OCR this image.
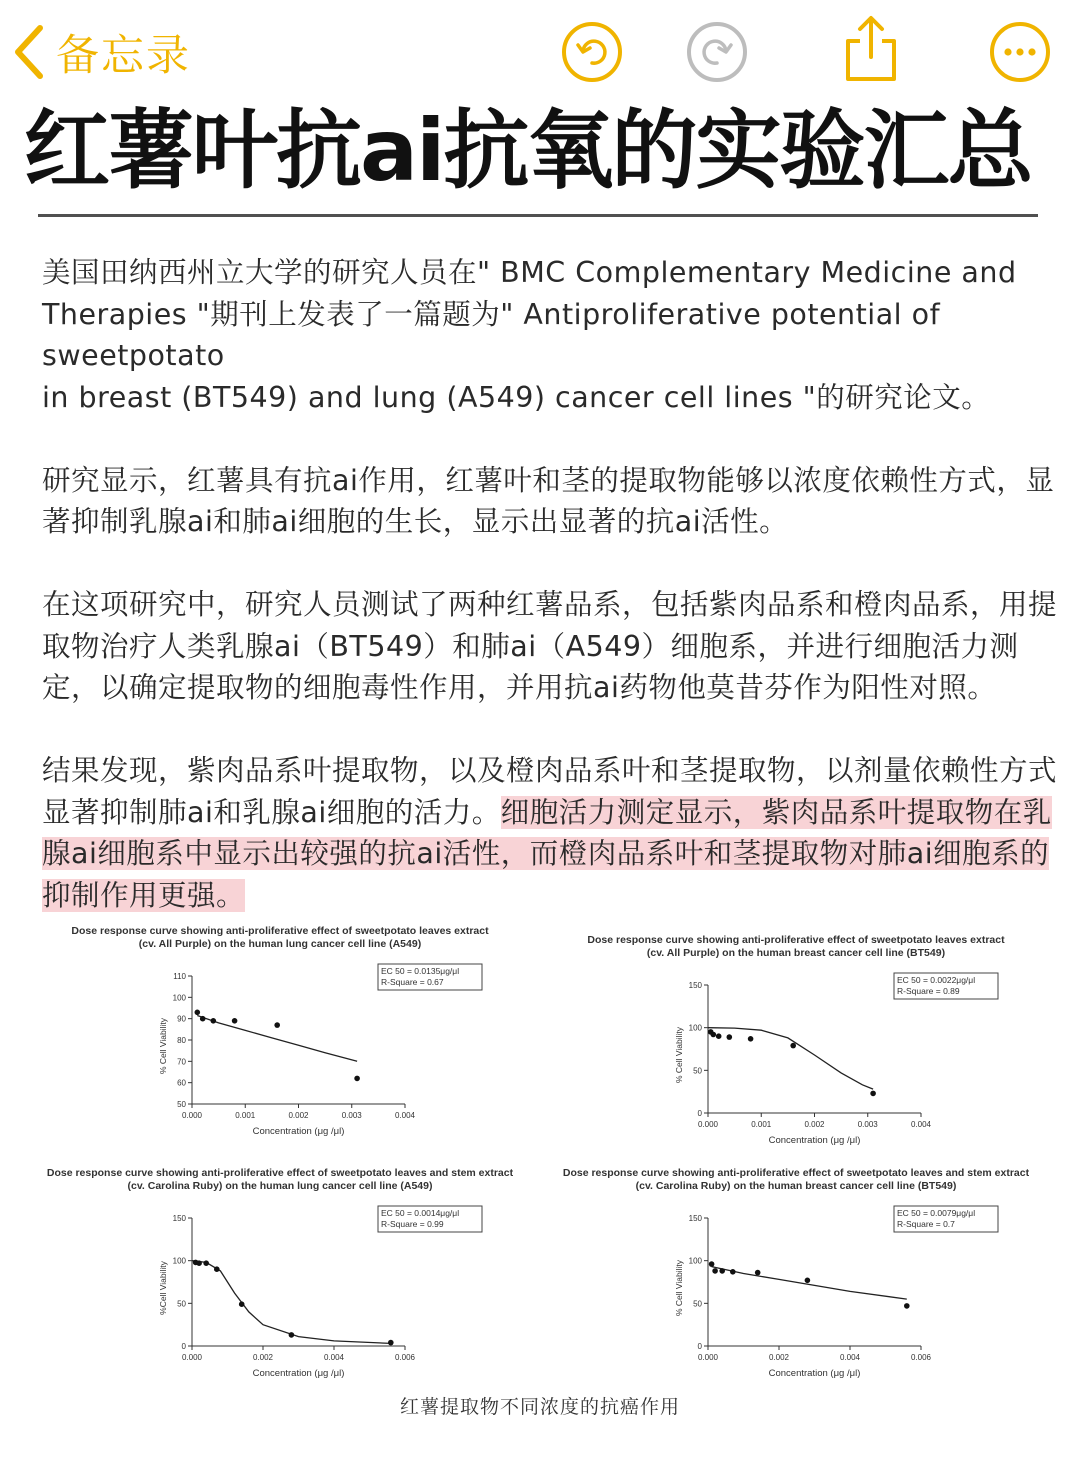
备忘录
红薯叶抗ai抗氧的实验汇总

美国田纳西州立大学的研究人员在" BMC Complementary Medicine and
Therapies "期刊上发表了一篇题为" Antiproliferative potential of sweetpotato
in breast (BT549) and lung (A549) cancer cell lines "的研究论文。

研究显示，红薯具有抗ai作用，红薯叶和茎的提取物能够以浓度依赖性方式，显著抑制乳腺ai和肺ai细胞的生长，显示出显著的抗ai活性。

在这项研究中，研究人员测试了两种红薯品系，包括紫肉品系和橙肉品系，用提取物治疗人类乳腺ai（BT549）和肺ai（A549）细胞系，并进行细胞活力测定，以确定提取物的细胞毒性作用，并用抗ai药物他莫昔芬作为阳性对照。

结果发现，紫肉品系叶提取物，以及橙肉品系叶和茎提取物，以剂量依赖性方式显著抑制肺ai和乳腺ai细胞的活力。细胞活力测定显示，紫肉品系叶提取物在乳腺ai细胞系中显示出较强的抗ai活性，而橙肉品系叶和茎提取物对肺ai细胞系的抑制作用更强。

Dose response curve showing anti-proliferative effect of sweetpotato leaves extract
(cv. All Purple) on the human lung cancer cell line (A549)
50
60
70
80
90
100
110
0.000	0.001	0.002	0.003	0.004
Concentration (μg /μl)
% Cell Viability
EC 50 = 0.0135μg/μl
R-Square = 0.67
Dose response curve showing anti-proliferative effect of sweetpotato leaves extract
(cv. All Purple) on the human breast cancer cell line (BT549)
0
50
100
150
0.000	0.001	0.002	0.003	0.004
Concentration (μg /μl)
% Cell Viability
EC 50 = 0.0022μg/μl
R-Square = 0.89
Dose response curve showing anti-proliferative effect of sweetpotato leaves and stem extract
(cv. Carolina Ruby) on the human lung cancer cell line (A549)
0
50
100
150
0.000	0.002	0.004	0.006
Concentration (μg /μl)
%Cell Viability
EC 50 = 0.0014μg/μl
R-Square = 0.99
Dose response curve showing anti-proliferative effect of sweetpotato leaves and stem extract
(cv. Carolina Ruby) on the human breast cancer cell line (BT549)
0
50
100
150
0.000	0.002	0.004	0.006
Concentration (μg /μl)
% Cell Viability
EC 50 = 0.0079μg/μl
R-Square = 0.7
红薯提取物不同浓度的抗癌作用
